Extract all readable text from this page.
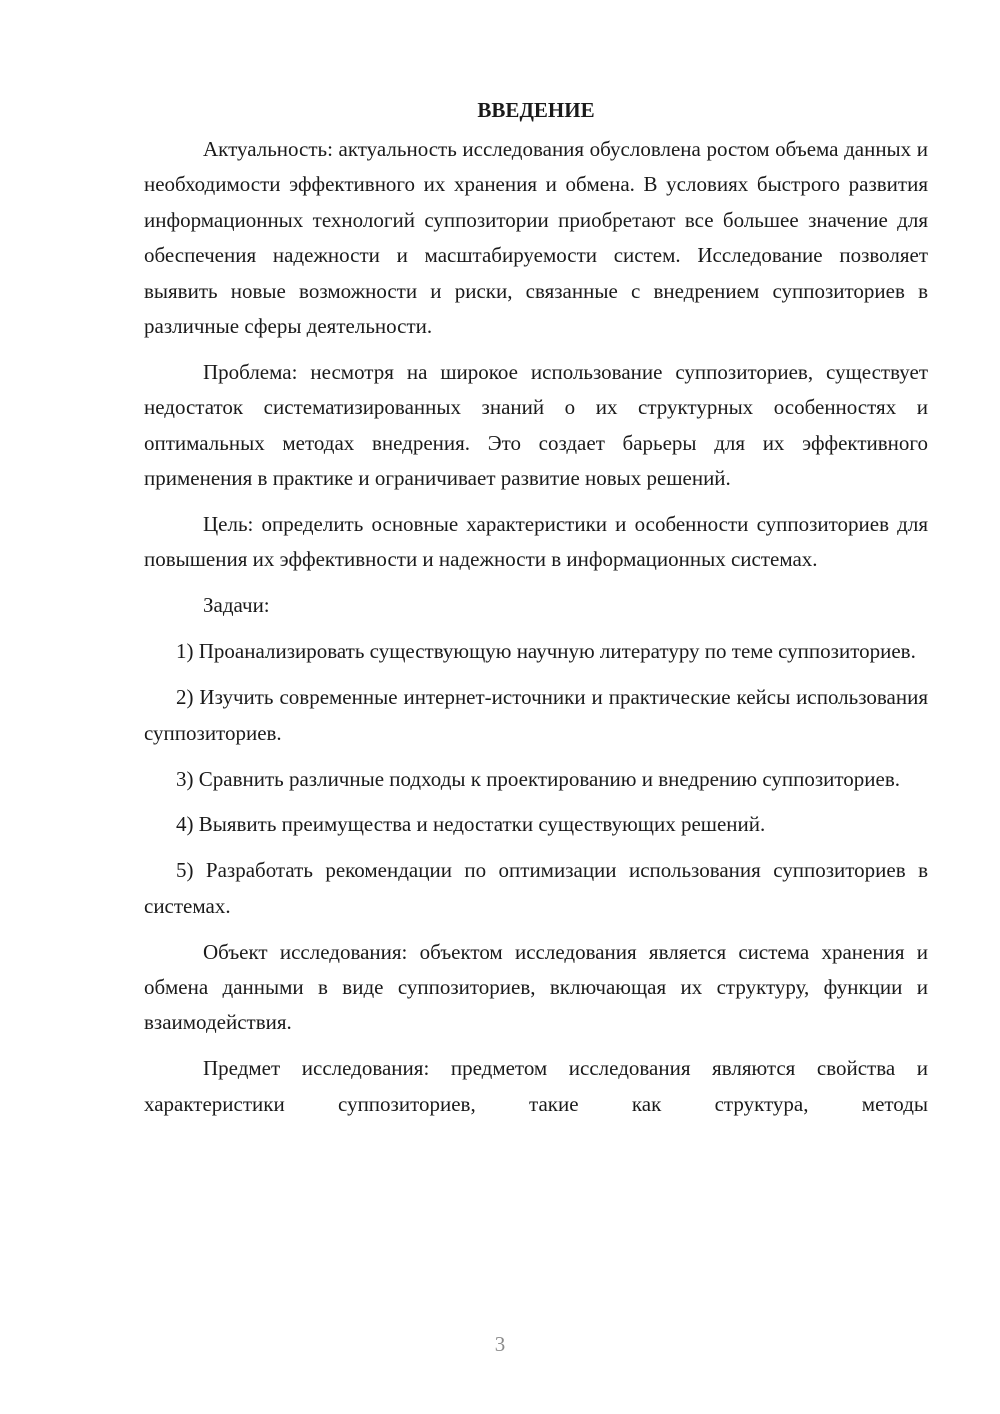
ВВЕДЕНИЕ

Актуальность: актуальность исследования обусловлена ростом объема данных и необходимости эффективного их хранения и обмена. В условиях быстрого развития информационных технологий суппозитории приобретают все большее значение для обеспечения надежности и масштабируемости систем. Исследование позволяет выявить новые возможности и риски, связанные с внедрением суппозиториев в различные сферы деятельности.

Проблема: несмотря на широкое использование суппозиториев, существует недостаток систематизированных знаний о их структурных особенностях и оптимальных методах внедрения. Это создает барьеры для их эффективного применения в практике и ограничивает развитие новых решений.

Цель: определить основные характеристики и особенности суппозиториев для повышения их эффективности и надежности в информационных системах.

Задачи:

1) Проанализировать существующую научную литературу по теме суппозиториев.

2) Изучить современные интернет-источники и практические кейсы использования суппозиториев.

3) Сравнить различные подходы к проектированию и внедрению суппозиториев.

4) Выявить преимущества и недостатки существующих решений.

5) Разработать рекомендации по оптимизации использования суппозиториев в системах.

Объект исследования: объектом исследования является система хранения и обмена данными в виде суппозиториев, включающая их структуру, функции и взаимодействия.

Предмет исследования: предметом исследования являются свойства и характеристики суппозиториев, такие как структура, методы

3
